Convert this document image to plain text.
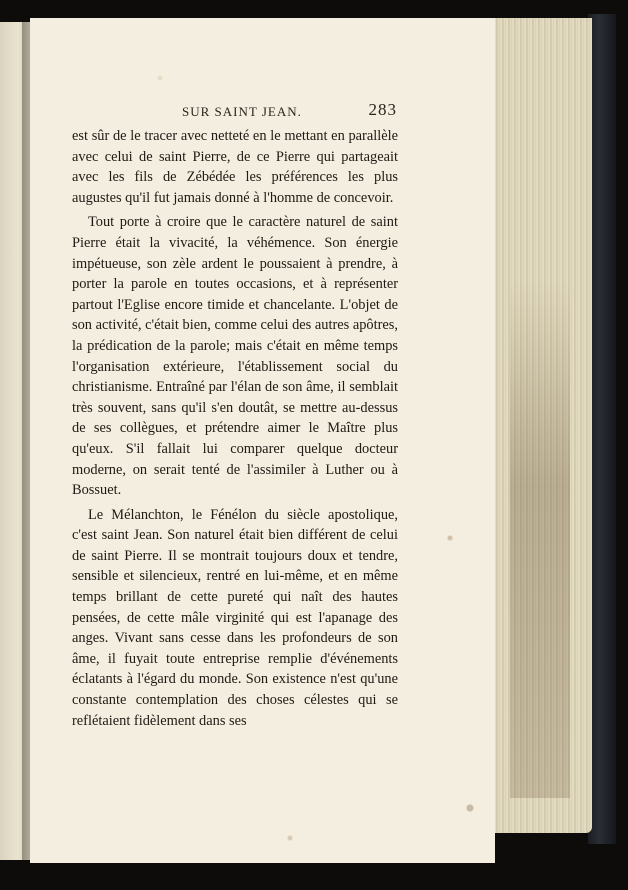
SUR SAINT JEAN.	283

est sûr de le tracer avec netteté en le mettant en parallèle avec celui de saint Pierre, de ce Pierre qui partageait avec les fils de Zébédée les préférences les plus augustes qu'il fut jamais donné à l'homme de concevoir.

Tout porte à croire que le caractère naturel de saint Pierre était la vivacité, la véhémence. Son énergie impétueuse, son zèle ardent le poussaient à prendre, à porter la parole en toutes occasions, et à représenter partout l'Eglise encore timide et chancelante. L'objet de son activité, c'était bien, comme celui des autres apôtres, la prédication de la parole; mais c'était en même temps l'organisation extérieure, l'établissement social du christianisme. Entraîné par l'élan de son âme, il semblait très souvent, sans qu'il s'en doutât, se mettre au-dessus de ses collègues, et prétendre aimer le Maître plus qu'eux. S'il fallait lui comparer quelque docteur moderne, on serait tenté de l'assimiler à Luther ou à Bossuet.

Le Mélanchton, le Fénélon du siècle apostolique, c'est saint Jean. Son naturel était bien différent de celui de saint Pierre. Il se montrait toujours doux et tendre, sensible et silencieux, rentré en lui-même, et en même temps brillant de cette pureté qui naît des hautes pensées, de cette mâle virginité qui est l'apanage des anges. Vivant sans cesse dans les profondeurs de son âme, il fuyait toute entreprise remplie d'événements éclatants à l'égard du monde. Son existence n'est qu'une constante contemplation des choses célestes qui se reflétaient fidèlement dans ses
